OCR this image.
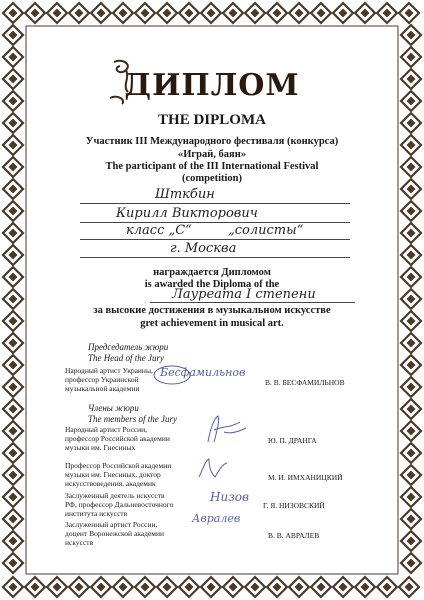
ДИПЛОМ
THE DIPLOMA
Участник III Международного фестиваля (конкурса)
«Играй, баян»
The participant of the III International Festival
(competition)
Шткбин
Кирилл Викторович
класс „С“	„солисты“
г. Москва
награждается Дипломом
is awarded the Diploma of the
Лауреата I степени
за высокие достижения в музыкальном искусстве
gret achievement in musical art.
Председатель жюри
The Head of the Jury
Народный артист Украины, профессор Украинской музыкальной академии
В. В. БЕСФАМИЛЬНОВ
Бесфамильнов
Члены жюри
The members of the Jury
Народный артист России, профессор Российской академии музыки им. Гнесиных
Ю. П. ДРАНГА
Профессор Российской академии музыки им. Гнесиных, доктор искусствоведения, академик
М. И. ИМХАНИЦКИЙ
Заслуженный деятель искусств РФ, профессор Дальневосточного института искусств
Г. Я. НИЗОВСКИЙ
Низов
Заслуженный артист России, доцент Воронежской академии искусств
В. В. АВРАЛЕВ
Авралев
